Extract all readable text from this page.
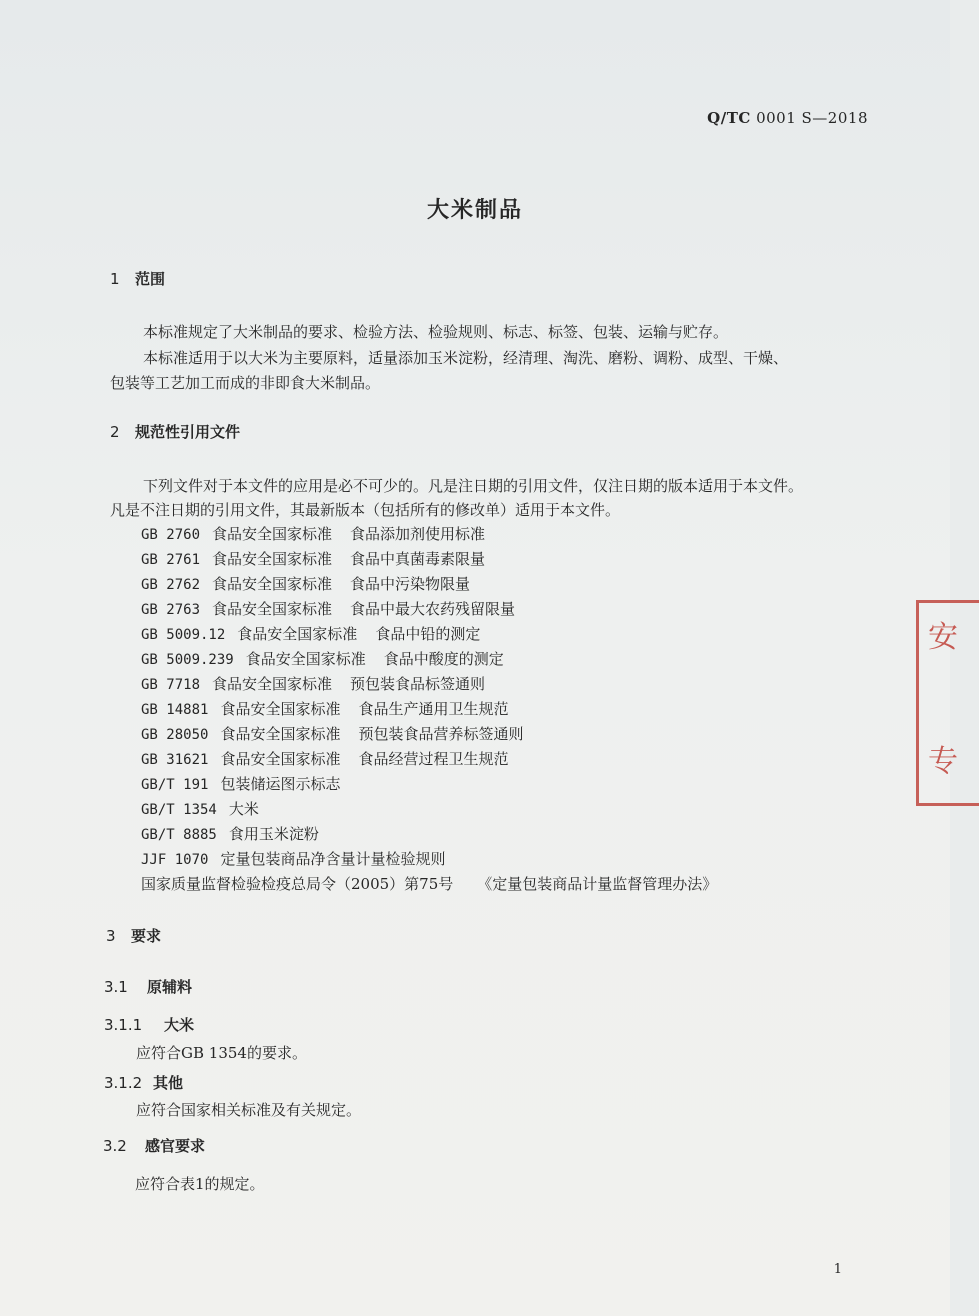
Q/TC 0001 S—2018
大米制品
1 范围
本标准规定了大米制品的要求、检验方法、检验规则、标志、标签、包装、运输与贮存。
本标准适用于以大米为主要原料，适量添加玉米淀粉，经清理、淘洗、磨粉、调粉、成型、干燥、
包装等工艺加工而成的非即食大米制品。
2 规范性引用文件
下列文件对于本文件的应用是必不可少的。凡是注日期的引用文件，仅注日期的版本适用于本文件。
凡是不注日期的引用文件，其最新版本（包括所有的修改单）适用于本文件。
GB 2760 食品安全国家标准 食品添加剂使用标准
GB 2761 食品安全国家标准 食品中真菌毒素限量
GB 2762 食品安全国家标准 食品中污染物限量
GB 2763 食品安全国家标准 食品中最大农药残留限量
GB 5009.12 食品安全国家标准 食品中铅的测定
GB 5009.239 食品安全国家标准 食品中酸度的测定
GB 7718 食品安全国家标准 预包装食品标签通则
GB 14881 食品安全国家标准 食品生产通用卫生规范
GB 28050 食品安全国家标准 预包装食品营养标签通则
GB 31621 食品安全国家标准 食品经营过程卫生规范
GB/T 191 包装储运图示标志
GB/T 1354 大米
GB/T 8885 食用玉米淀粉
JJF 1070 定量包装商品净含量计量检验规则
国家质量监督检验检疫总局令（2005）第75号 《定量包装商品计量监督管理办法》
3 要求
3.1 原辅料
3.1.1 大米
应符合GB 1354的要求。
3.1.2 其他
应符合国家相关标准及有关规定。
3.2 感官要求
应符合表1的规定。
1
安
专
